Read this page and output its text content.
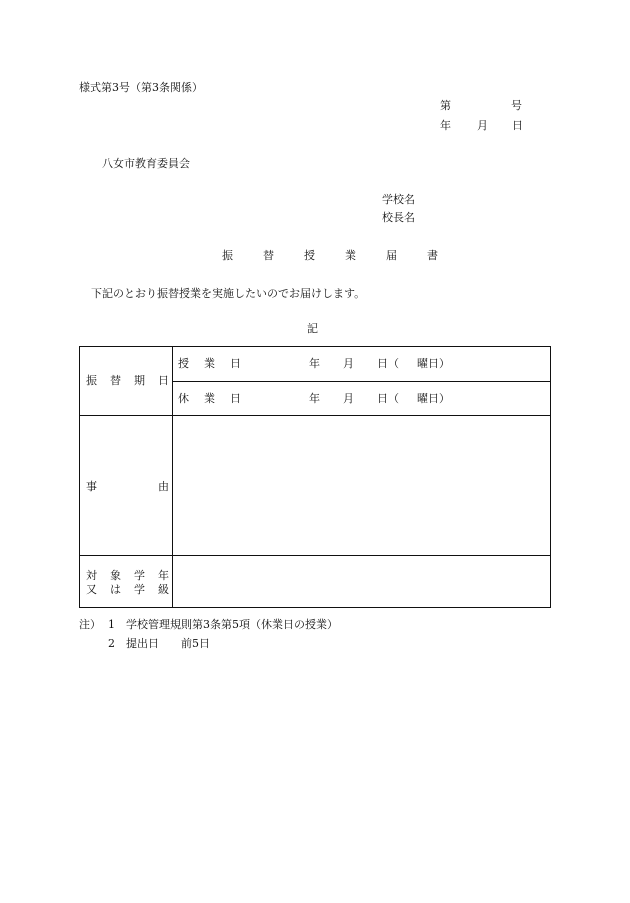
様式第3号（第3条関係）
第	号
年 月 日
八女市教育委員会
学校名
校長名
振	替	授	業	届	書
下記のとおり振替授業を実施したいのでお届けします。
記
振 替 期 日
授 業 日	年 月 日（ 曜日）
休 業 日	年 月 日（ 曜日）
事	由
対 象 学 年
又 は 学 級
注） 1 学校管理規則第3条第5項（休業日の授業）
2 提出日　　前5日
